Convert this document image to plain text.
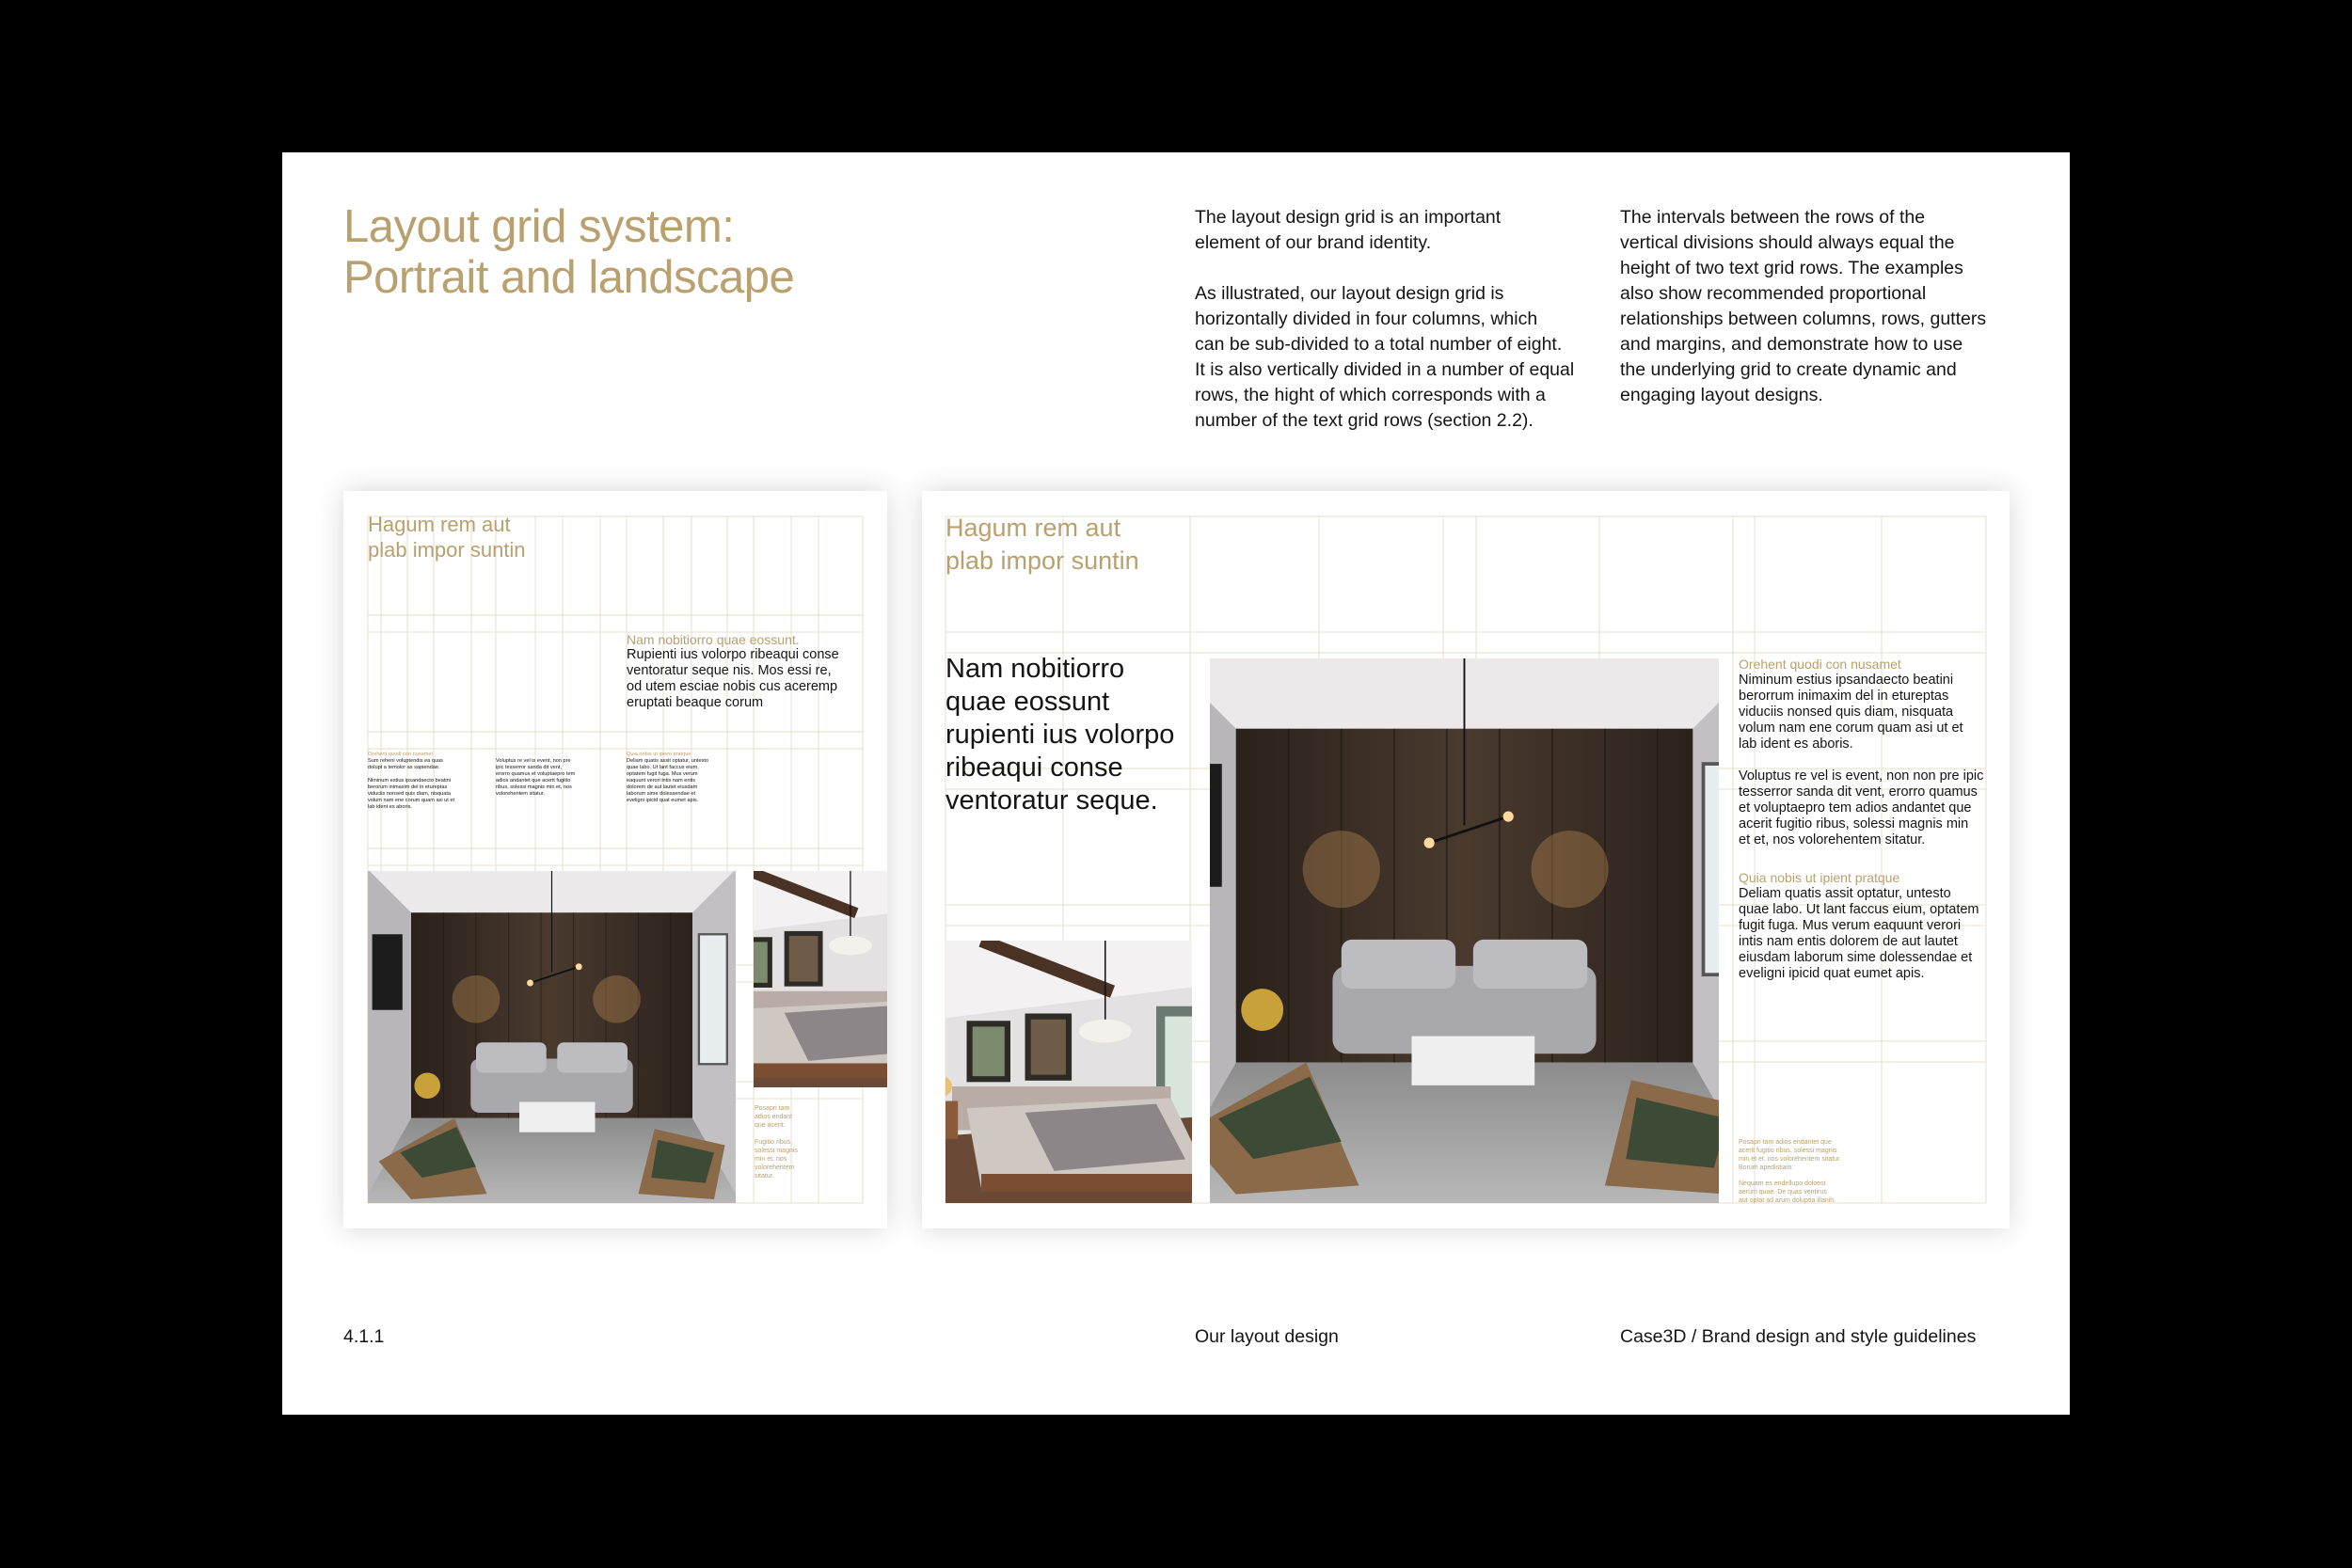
Layout grid system:
Portrait and landscape
The layout design grid is an important
element of our brand identity.

As illustrated, our layout design grid is
horizontally divided in four columns, which
can be sub-divided to a total number of eight.
It is also vertically divided in a number of equal
rows, the hight of which corresponds with a
number of the text grid rows (section 2.2).
The intervals between the rows of the
vertical divisions should always equal the
height of two text grid rows. The examples
also show recommended proportional
relationships between columns, rows, gutters
and margins, and demonstrate how to use
the underlying grid to create dynamic and
engaging layout designs.
Hagum rem aut
plab impor suntin
Nam nobitiorro quae eossunt.
Rupienti ius volorpo ribeaqui conse
ventoratur seque nis. Mos essi re,
od utem esciae nobis cus aceremp
eruptati beaque corum
Orehent quodi con nusamet
Sum reheni voluptendis ea quas
dolupt a temolor as sapiendae.

Niminum estius ipsandaecto beatini
berorum inimaxim del in etureptas
viduciis nonsed quis diam, nisquata
volum nam ene corum quam asi ut et
lab ident es aboris.
Voluptus re vel is event, non pre
ipic tesserror sanda dit vent,
erorro quamus et voluptaepro tem
adios andantet que acerit fugitio
ribus, solessi magnis min et, nos
volorehentem sitatur.
Quia nobis ut ipient pratque
Deliam quatis assit optatur, untesto
quae labo. Ut lant faccus eium,
optatem fugit fuga. Mus verum
eaquunt verori intis nam entis
dolorem de aut lautet eiusdam
laborum sime dolessendae et
eveligni ipicid quat eumet apis.
Posapri tam
adios endant
que acerit.

Fugitio ribus,
solessi magnis
min et, nos
volorehentem
sitatur.
Hagum rem aut
plab impor suntin
Nam nobitiorro
quae eossunt
rupienti ius volorpo
ribeaqui conse
ventoratur seque.
Orehent quodi con nusamet
Niminum estius ipsandaecto beatini
berorrum inimaxim del in etureptas
viduciis nonsed quis diam, nisquata
volum nam ene corum quam asi ut et
lab ident es aboris.

Voluptus re vel is event, non non pre ipic
tesserror sanda dit vent, erorro quamus
et voluptaepro tem adios andantet que
acerit fugitio ribus, solessi magnis min
et et, nos volorehentem sitatur.
Quia nobis ut ipient pratque
Deliam quatis assit optatur, untesto
quae labo. Ut lant faccus eium, optatem
fugit fuga. Mus verum eaquunt verori
intis nam entis dolorem de aut lautet
eiusdam laborum sime dolessendae et
eveligni ipicid quat eumet apis.
Posapri tam adios endantet que
acerit fugitio ribus, solessi magnis
min et et, nos volorehentem sitatur.
Borum apedistiam.
Nequam es endellupo doloest
aerum quae. De quas ventirus
aut optat ad arum doluptia illanih.
4.1.1	Our layout design	Case3D / Brand design and style guidelines
